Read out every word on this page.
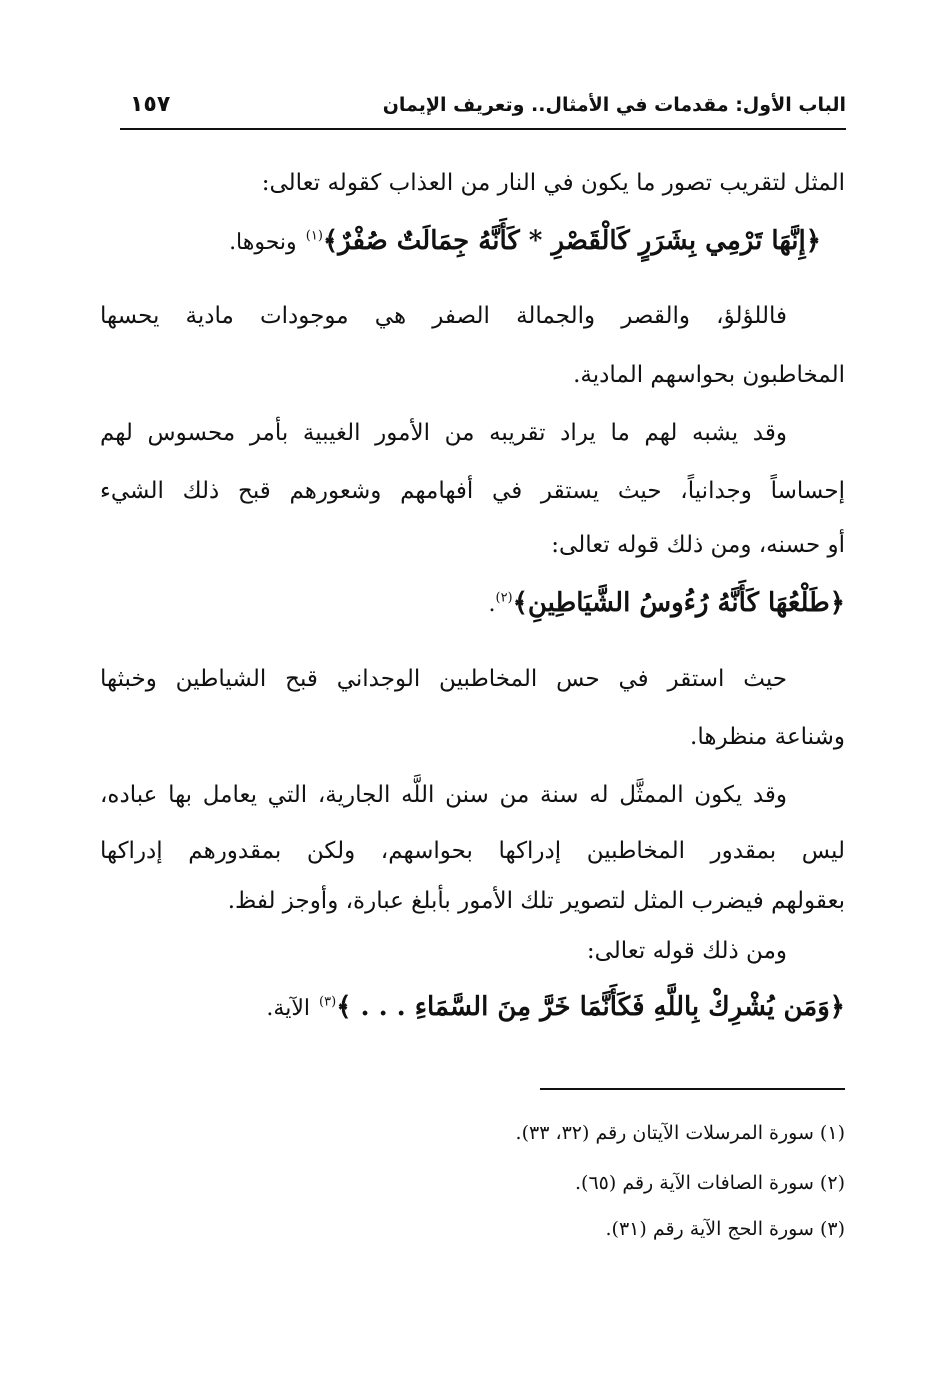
الباب الأول: مقدمات في الأمثال.. وتعريف الإيمان
١٥٧
المثل لتقريب تصور ما يكون في النار من العذاب كقوله تعالى:
﴿إِنَّهَا تَرْمِي بِشَرَرٍ كَالْقَصْرِ * كَأَنَّهُ جِمَالَتٌ صُفْرٌ﴾$^{(١)}$ ونحوها.
فاللؤلؤ، والقصر والجمالة الصفر هي موجودات مادية يحسها
المخاطبون بحواسهم المادية.
وقد يشبه لهم ما يراد تقريبه من الأمور الغيبية بأمر محسوس لهم
إحساساً وجدانياً، حيث يستقر في أفهامهم وشعورهم قبح ذلك الشيء
أو حسنه، ومن ذلك قوله تعالى:
﴿طَلْعُهَا كَأَنَّهُ رُءُوسُ الشَّيَاطِينِ﴾$^{(٢)}$.
حيث استقر في حس المخاطبين الوجداني قبح الشياطين وخبثها
وشناعة منظرها.
وقد يكون الممثَّل له سنة من سنن اللَّه الجارية، التي يعامل بها عباده،
ليس بمقدور المخاطبين إدراكها بحواسهم، ولكن بمقدورهم إدراكها
بعقولهم فيضرب المثل لتصوير تلك الأمور بأبلغ عبارة، وأوجز لفظ.
ومن ذلك قوله تعالى:
﴿وَمَن يُشْرِكْ بِاللَّهِ فَكَأَنَّمَا خَرَّ مِنَ السَّمَاءِ . . . ﴾$^{(٣)}$ الآية.
(١) سورة المرسلات الآيتان رقم (٣٢، ٣٣).
(٢) سورة الصافات الآية رقم (٦٥).
(٣) سورة الحج الآية رقم (٣١).
